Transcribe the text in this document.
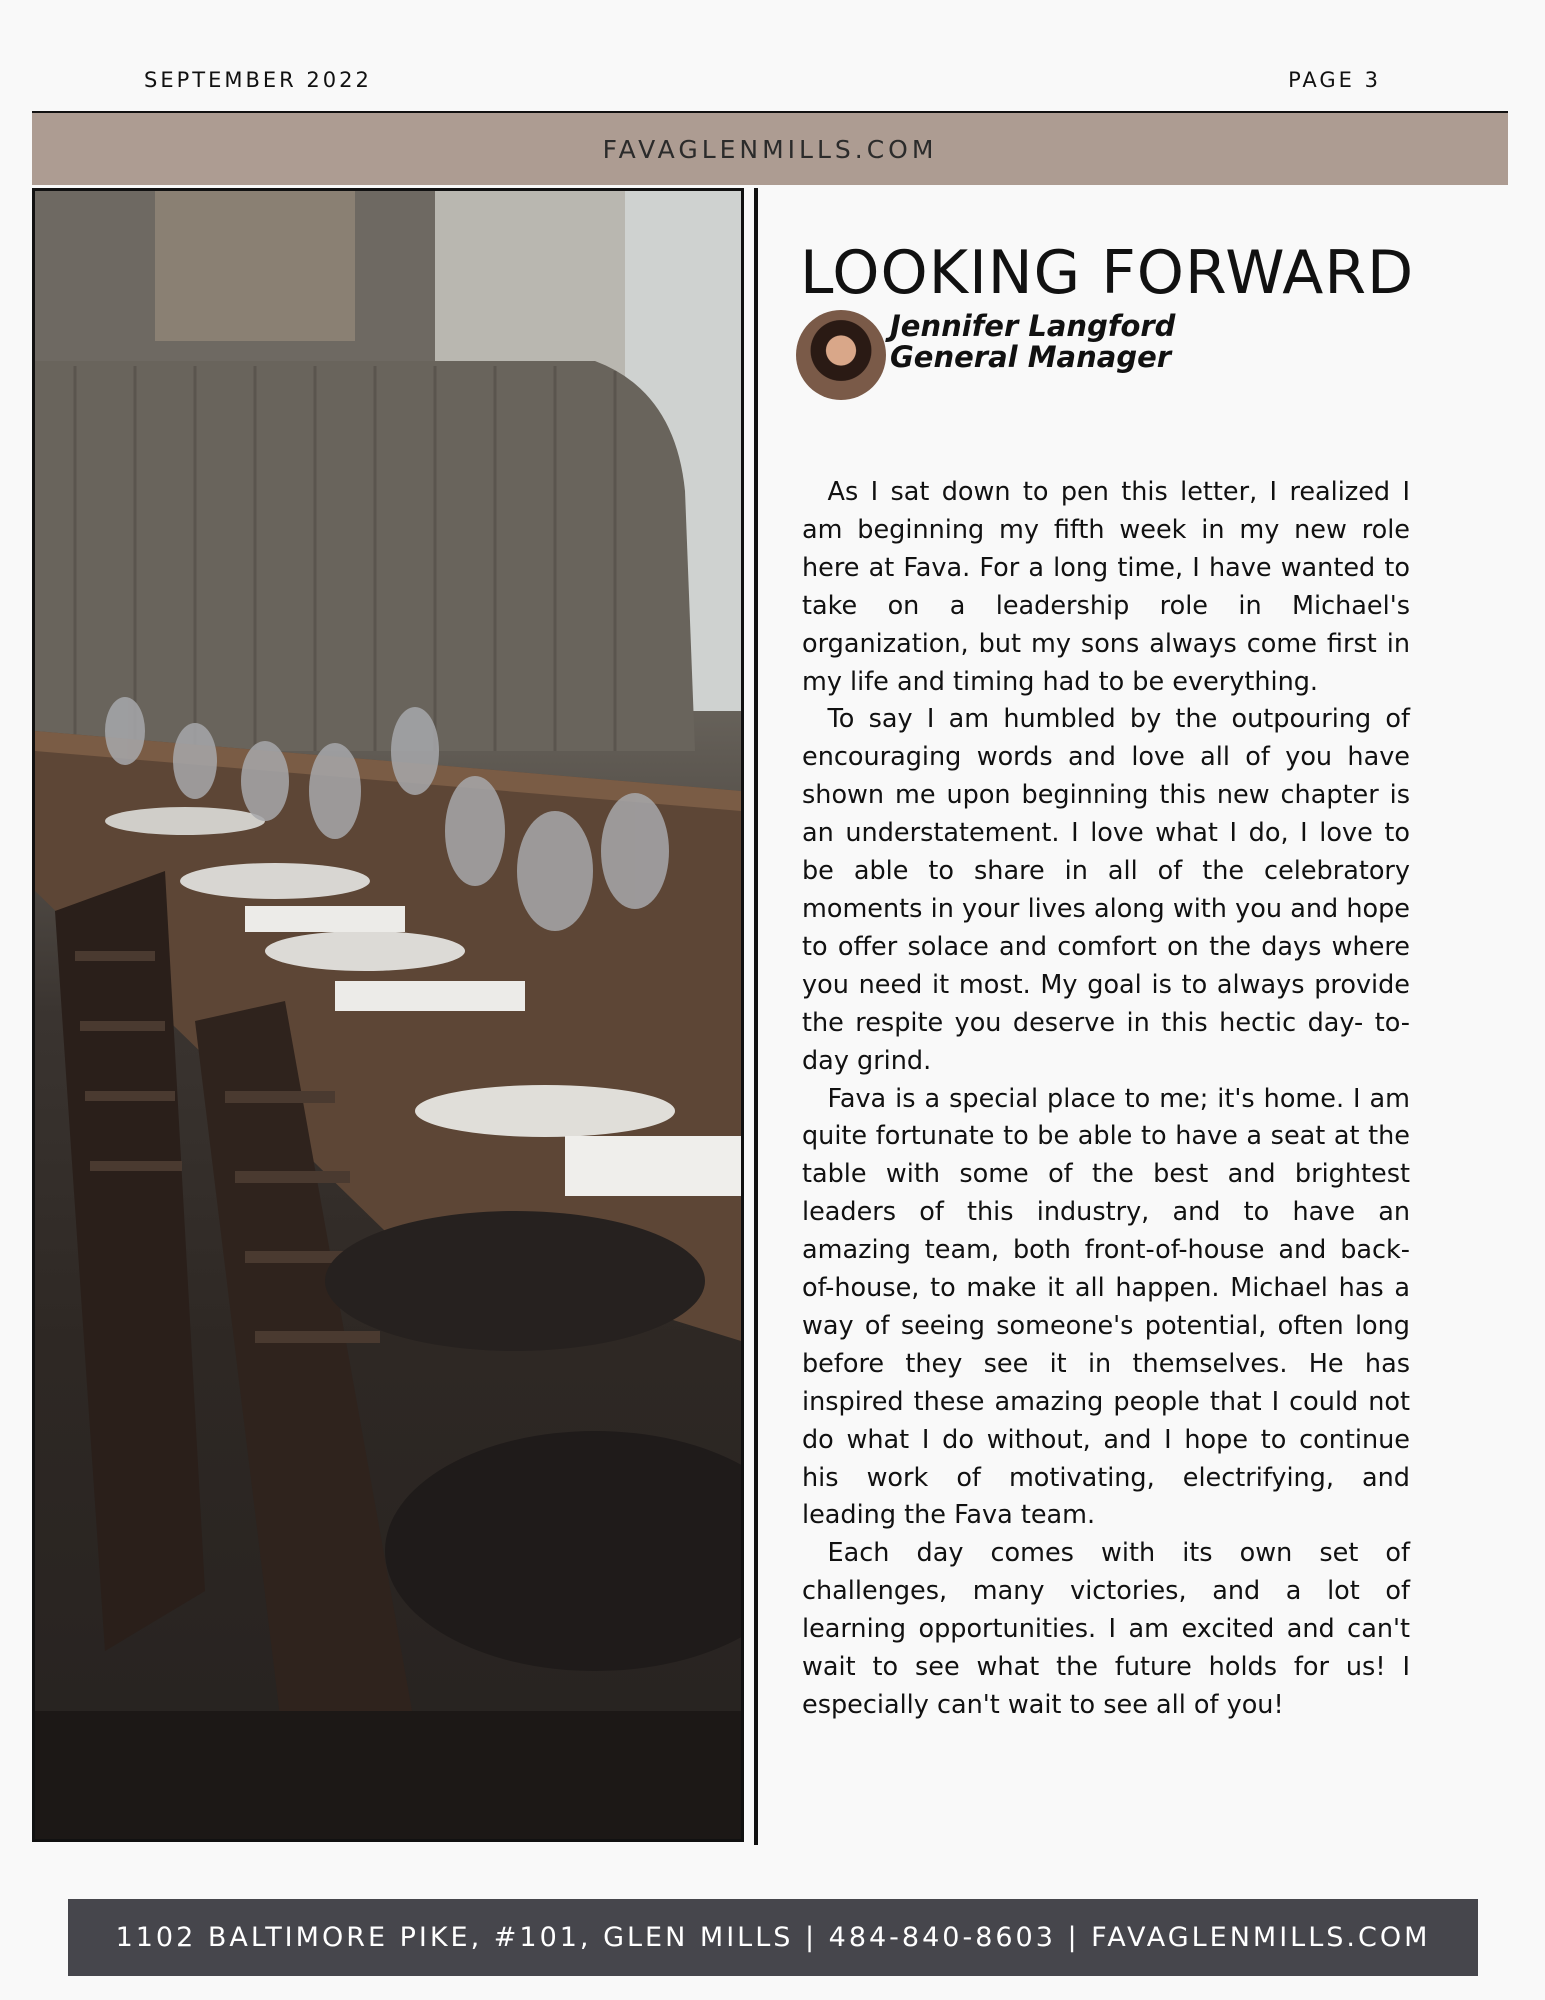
SEPTEMBER 2022	PAGE 3
FAVAGLENMILLS.COM
LOOKING FORWARD
Jennifer Langford
General Manager

As I sat down to pen this letter, I realized I am beginning my fifth week in my new role here at Fava. For a long time, I have wanted to take on a leadership role in Michael's organization, but my sons always come first in my life and timing had to be everything.

To say I am humbled by the outpouring of encouraging words and love all of you have shown me upon beginning this new chapter is an understatement. I love what I do, I love to be able to share in all of the celebratory moments in your lives along with you and hope to offer solace and comfort on the days where you need it most. My goal is to always provide the respite you deserve in this hectic day- to-day grind.

Fava is a special place to me; it's home. I am quite fortunate to be able to have a seat at the table with some of the best and brightest leaders of this industry, and to have an amazing team, both front-of-house and back-of-house, to make it all happen. Michael has a way of seeing someone's potential, often long before they see it in themselves. He has inspired these amazing people that I could not do what I do without, and I hope to continue his work of motivating, electrifying, and leading the Fava team.

Each day comes with its own set of challenges, many victories, and a lot of learning opportunities. I am excited and can't wait to see what the future holds for us! I especially can't wait to see all of you!

1102 BALTIMORE PIKE, #101, GLEN MILLS | 484-840-8603 | FAVAGLENMILLS.COM
